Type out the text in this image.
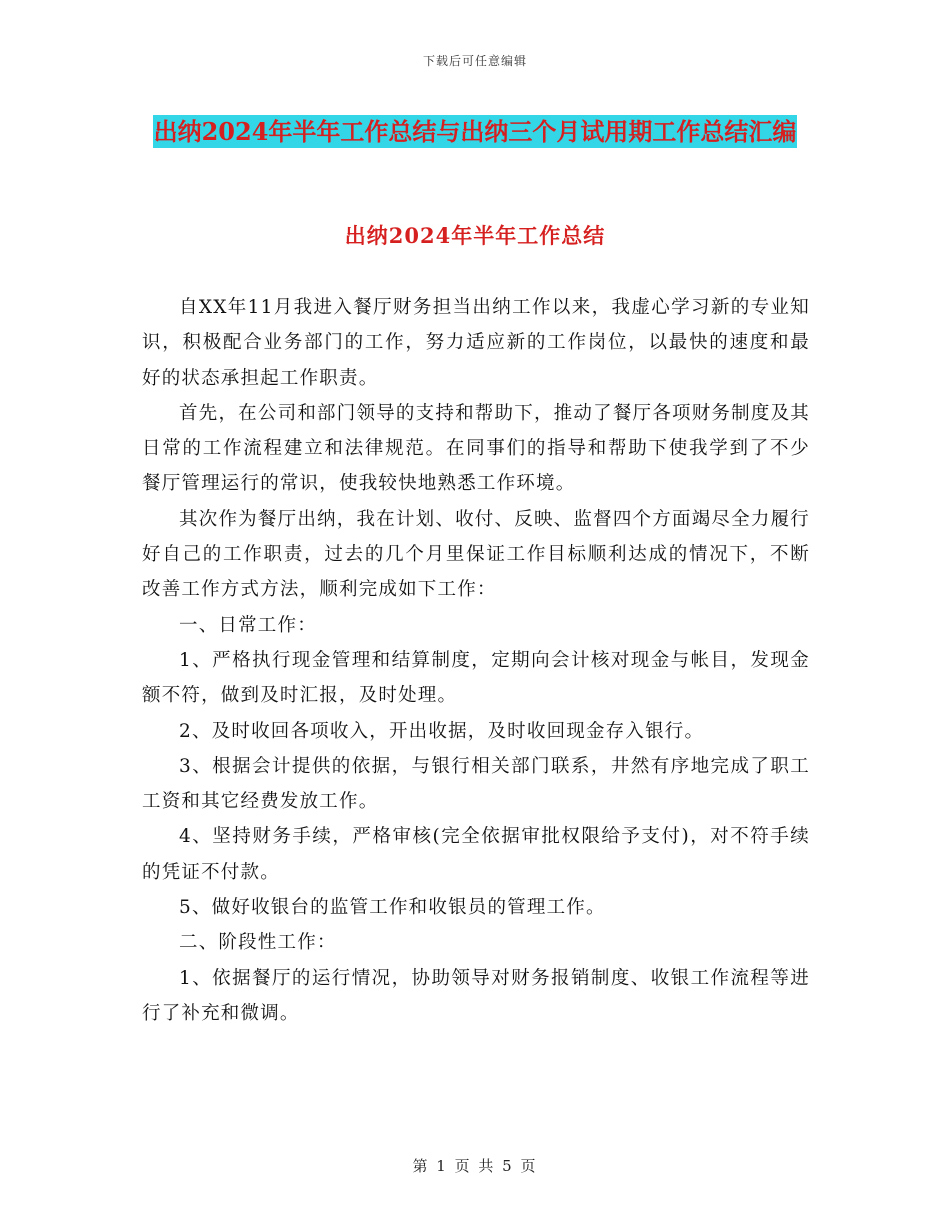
下载后可任意编辑
出纳2024年半年工作总结与出纳三个月试用期工作总结汇编
出纳2024年半年工作总结

自XX年11月我进入餐厅财务担当出纳工作以来，我虚心学习新的专业知识，积极配合业务部门的工作，努力适应新的工作岗位，以最快的速度和最好的状态承担起工作职责。

首先，在公司和部门领导的支持和帮助下，推动了餐厅各项财务制度及其日常的工作流程建立和法律规范。在同事们的指导和帮助下使我学到了不少餐厅管理运行的常识，使我较快地熟悉工作环境。

其次作为餐厅出纳，我在计划、收付、反映、监督四个方面竭尽全力履行好自己的工作职责，过去的几个月里保证工作目标顺利达成的情况下，不断改善工作方式方法，顺利完成如下工作：

一、日常工作：

1、严格执行现金管理和结算制度，定期向会计核对现金与帐目，发现金额不符，做到及时汇报，及时处理。

2、及时收回各项收入，开出收据，及时收回现金存入银行。

3、根据会计提供的依据，与银行相关部门联系，井然有序地完成了职工工资和其它经费发放工作。

4、坚持财务手续，严格审核(完全依据审批权限给予支付)，对不符手续的凭证不付款。

5、做好收银台的监管工作和收银员的管理工作。

二、阶段性工作：

1、依据餐厅的运行情况，协助领导对财务报销制度、收银工作流程等进行了补充和微调。

第 1 页 共 5 页
